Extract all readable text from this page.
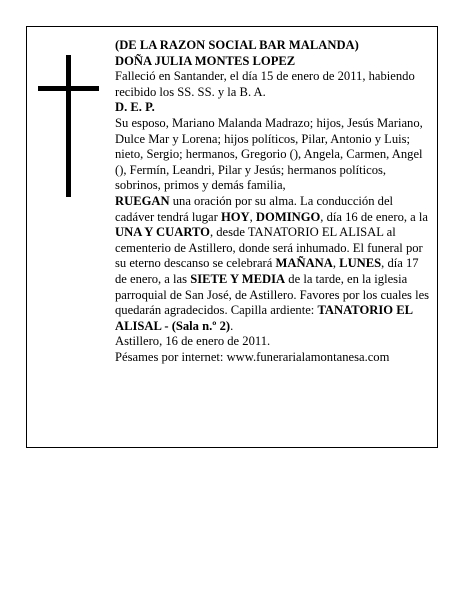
(DE LA RAZON SOCIAL BAR MALANDA)

DOÑA JULIA MONTES LOPEZ

Falleció en Santander, el día 15 de enero de 2011, habiendo recibido los SS. SS. y la B. A.

D. E. P.

Su esposo, Mariano Malanda Madrazo; hijos, Jesús Mariano, Dulce Mar y Lorena; hijos políticos, Pilar, Antonio y Luis; nieto, Sergio; hermanos, Gregorio (), Angela, Carmen, Angel (), Fermín, Leandri, Pilar y Jesús; hermanos políticos, sobrinos, primos y demás familia,

RUEGAN una oración por su alma. La conducción del cadáver tendrá lugar HOY, DOMINGO, día 16 de enero, a la UNA Y CUARTO, desde TANATORIO EL ALISAL al cementerio de Astillero, donde será inhumado. El funeral por su eterno descanso se celebrará MAÑANA, LUNES, día 17 de enero, a las SIETE Y MEDIA de la tarde, en la iglesia parroquial de San José, de Astillero. Favores por los cuales les quedarán agradecidos. Capilla ardiente: TANATORIO EL ALISAL - (Sala n.º 2).

Astillero, 16 de enero de 2011.

Pésames por internet: www.funerarialamontanesa.com
